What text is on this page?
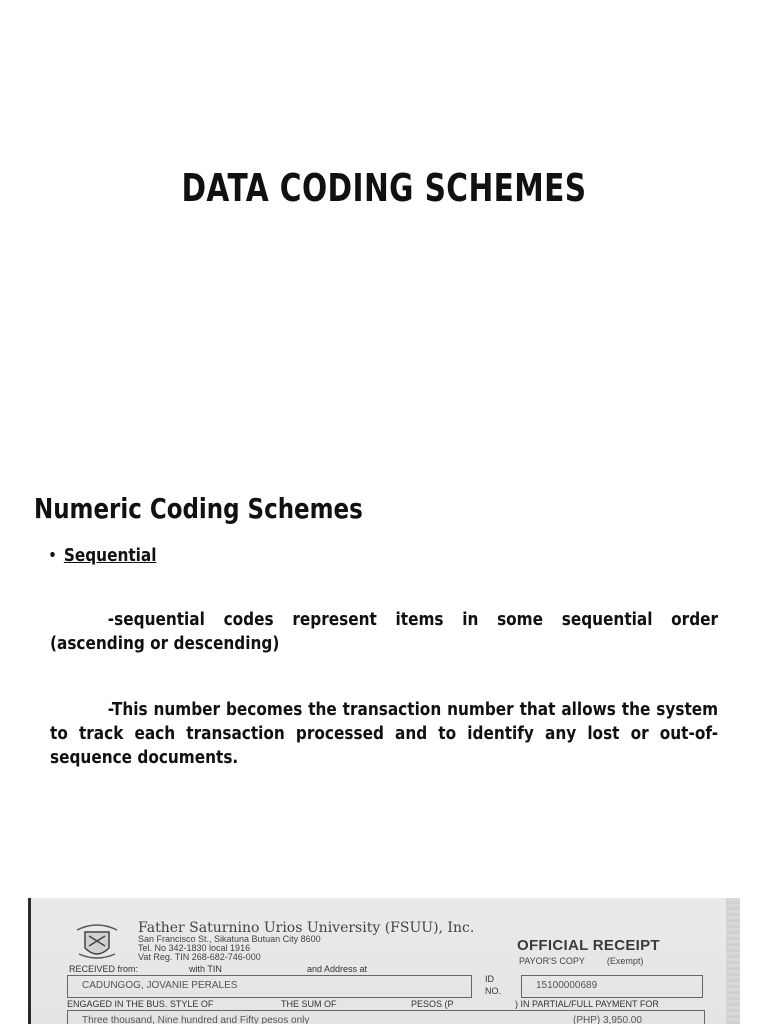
DATA CODING SCHEMES
Numeric Coding Schemes
• Sequential

-sequential codes represent items in some sequential order (ascending or descending)

-This number becomes the transaction number that allows the system to track each transaction processed and to identify any lost or out-of-sequence documents.

Father Saturnino Urios University (FSUU), Inc.
San Francisco St., Sikatuna Butuan City 8600
Tel. No 342-1830 local 1916
Vat Reg. TIN 268-682-746-000
OFFICIAL RECEIPT
PAYOR'S COPY (Exempt)
RECEIVED from:	with TIN	and Address at
CADUNGOG, JOVANIE PERALES
ID
NO.	15100000689
ENGAGED IN THE BUS. STYLE OF	THE SUM OF	PESOS (P	) IN PARTIAL/FULL PAYMENT FOR
Three thousand, Nine hundred and Fifty pesos only	(PHP) 3,950.00
